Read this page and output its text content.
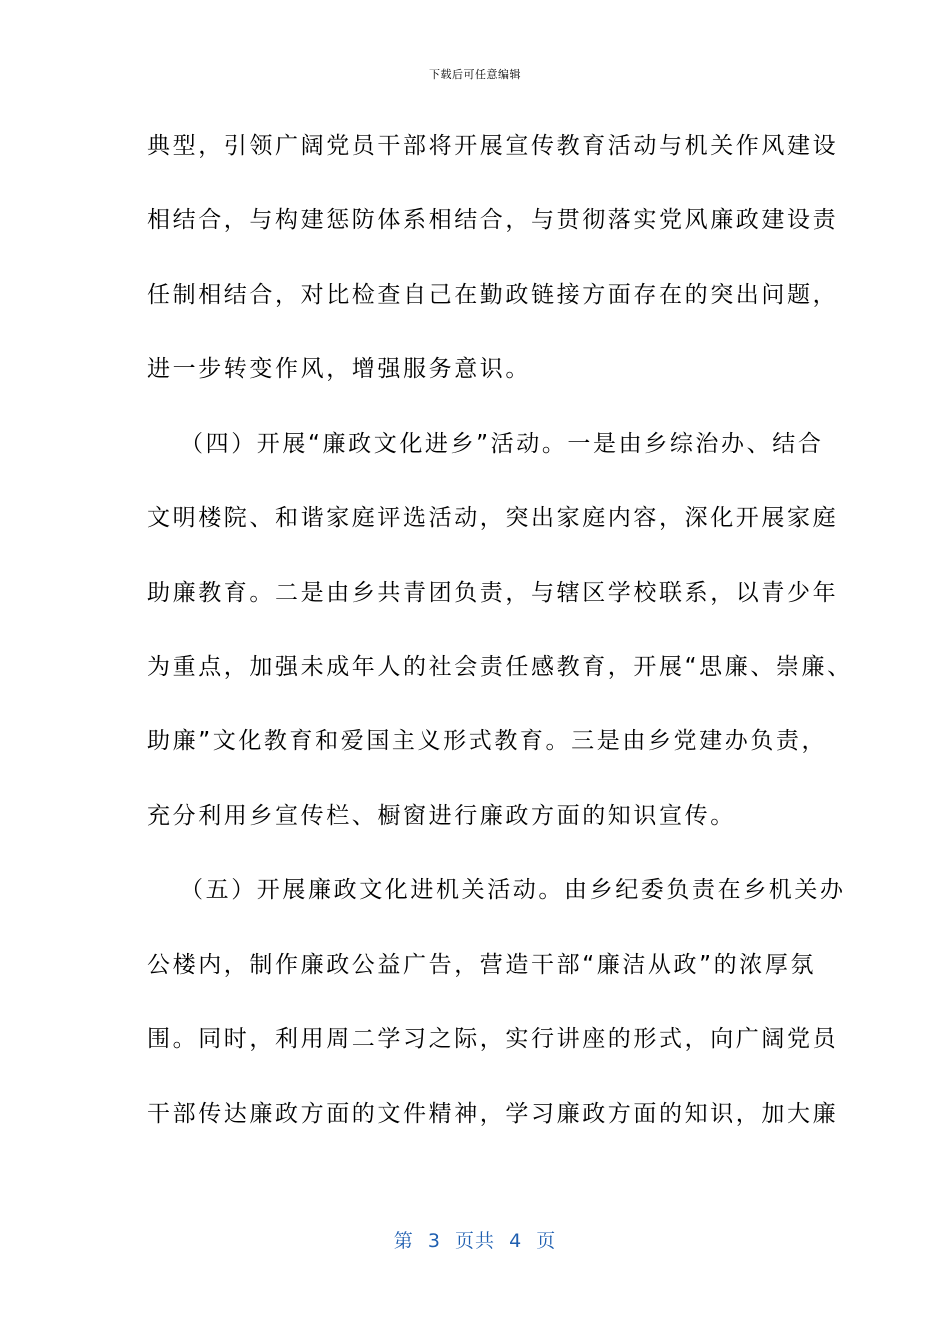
下载后可任意编辑
典型，引领广阔党员干部将开展宣传教育活动与机关作风建设
相结合，与构建惩防体系相结合，与贯彻落实党风廉政建设责
任制相结合，对比检查自己在勤政链接方面存在的突出问题，
进一步转变作风，增强服务意识。
（四）开展“廉政文化进乡”活动。一是由乡综治办、结合
文明楼院、和谐家庭评选活动，突出家庭内容，深化开展家庭
助廉教育。二是由乡共青团负责，与辖区学校联系，以青少年
为重点，加强未成年人的社会责任感教育，开展“思廉、崇廉、
助廉”文化教育和爱国主义形式教育。三是由乡党建办负责，
充分利用乡宣传栏、橱窗进行廉政方面的知识宣传。
（五）开展廉政文化进机关活动。由乡纪委负责在乡机关办
公楼内，制作廉政公益广告，营造干部“廉洁从政”的浓厚氛
围。同时，利用周二学习之际，实行讲座的形式，向广阔党员
干部传达廉政方面的文件精神，学习廉政方面的知识，加大廉
第  3  页共  4  页
